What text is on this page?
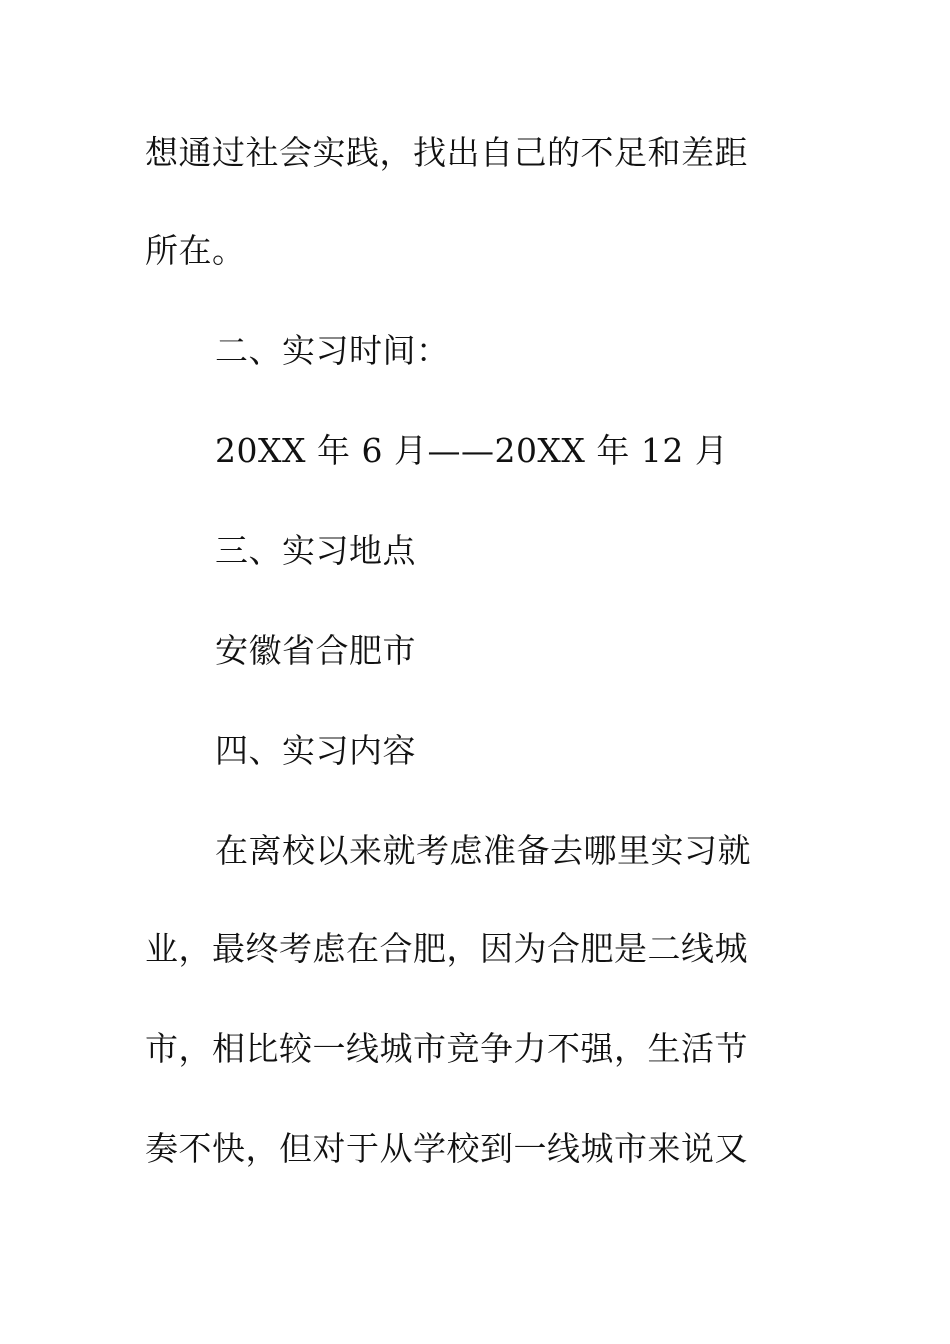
想通过社会实践，找出自己的不足和差距
所在。
二、实习时间：
20XX 年 6 月——20XX 年 12 月
三、实习地点
安徽省合肥市
四、实习内容
在离校以来就考虑准备去哪里实习就
业，最终考虑在合肥，因为合肥是二线城
市，相比较一线城市竞争力不强，生活节
奏不快，但对于从学校到一线城市来说又
